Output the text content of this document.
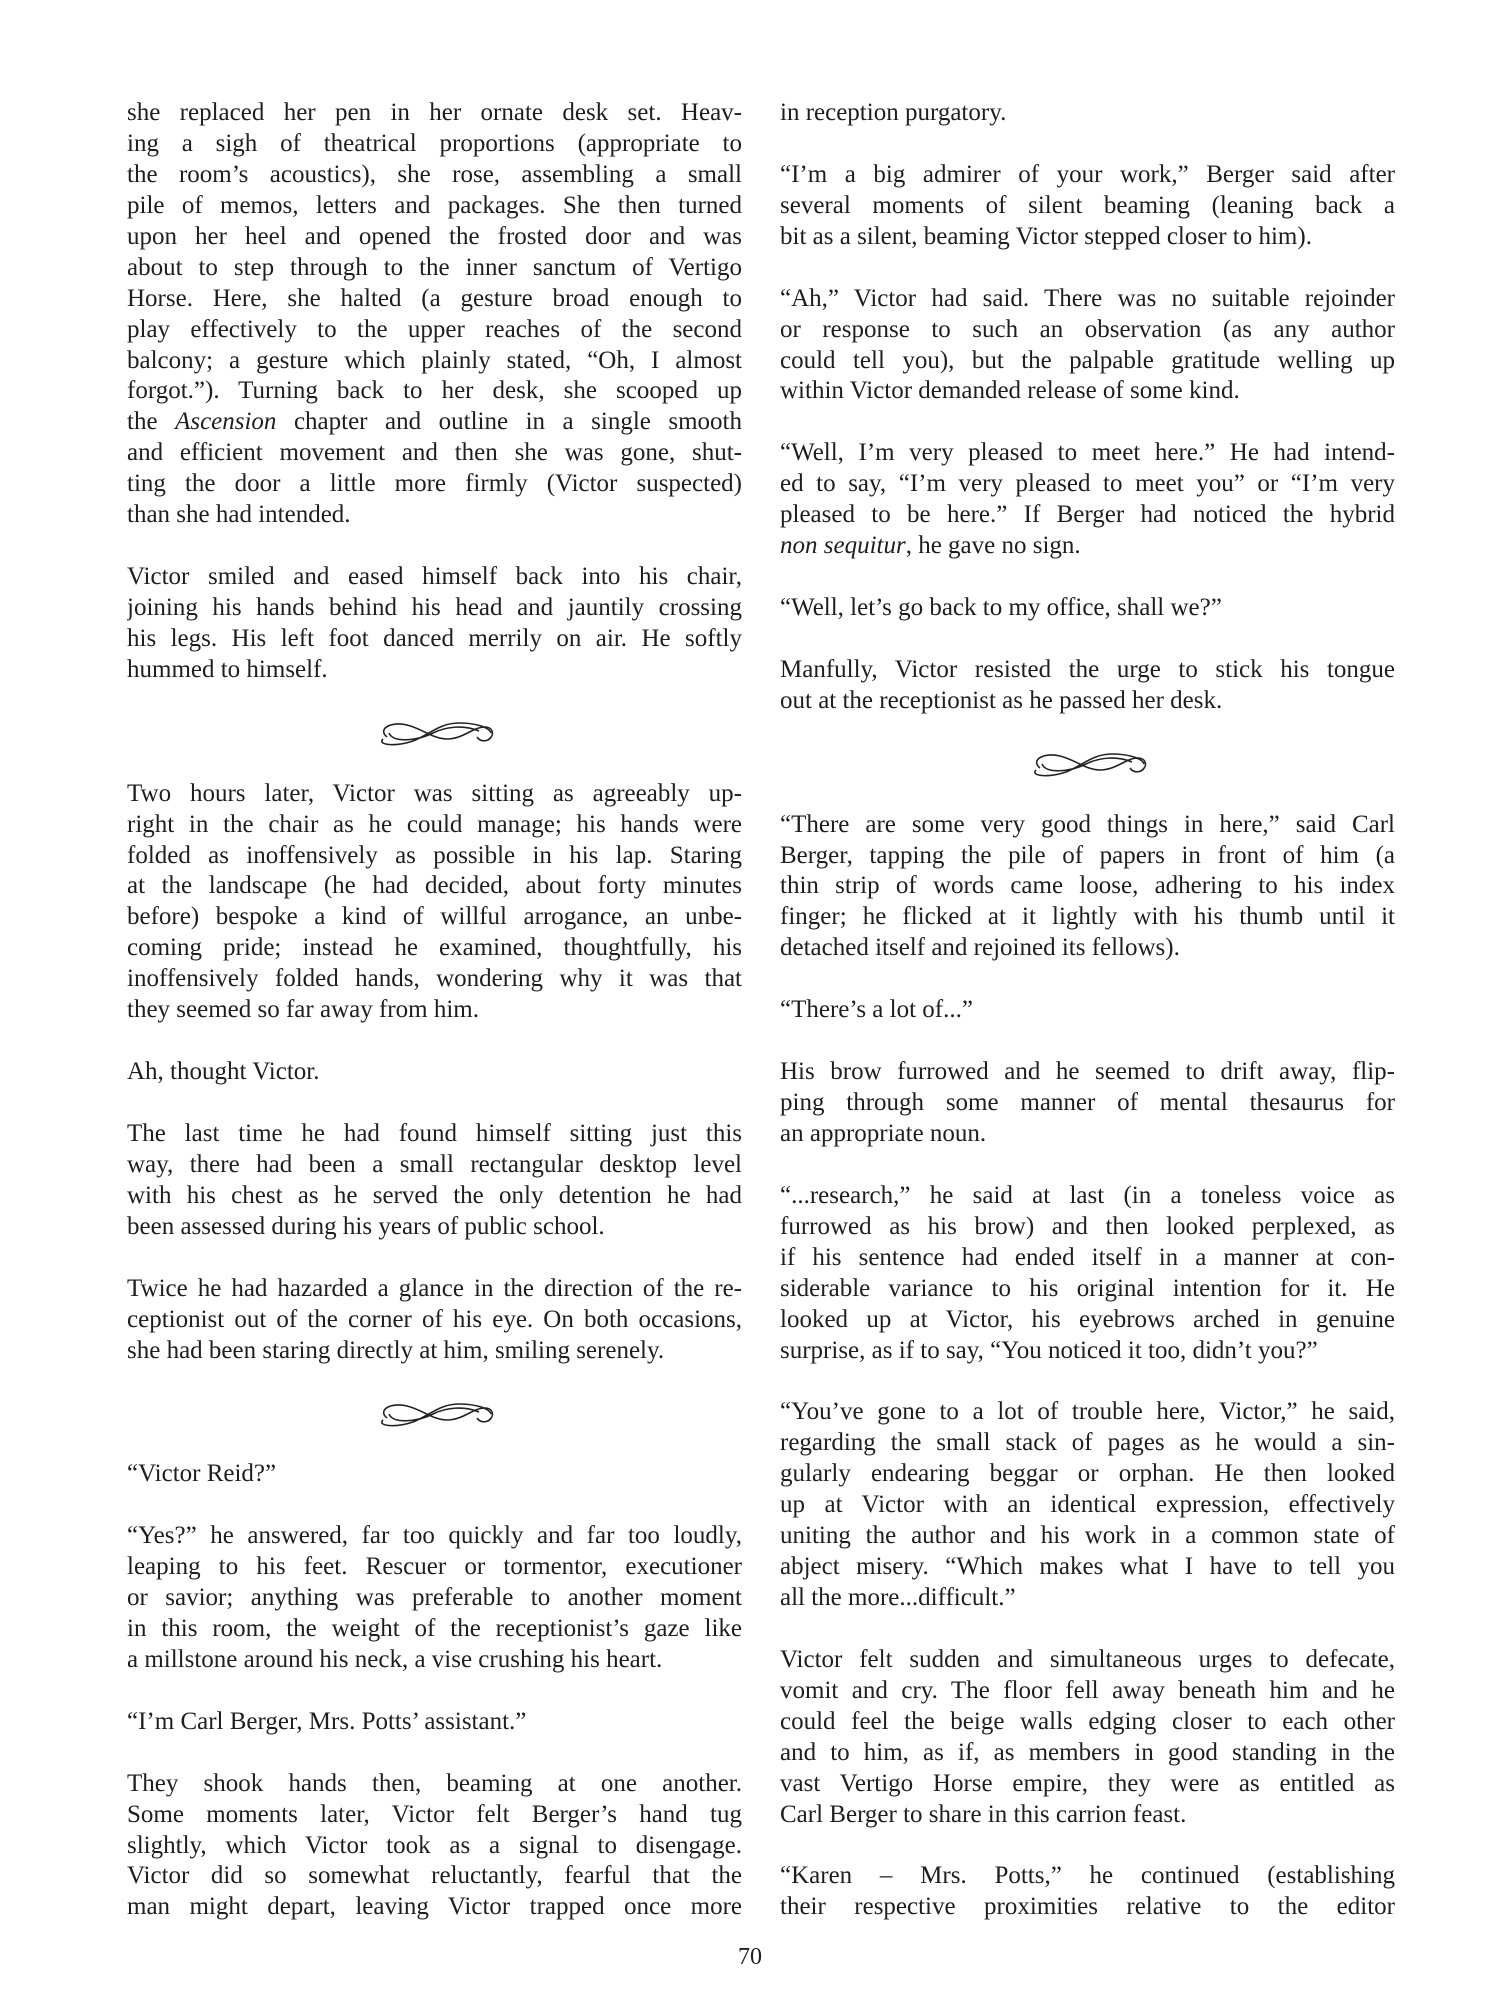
she replaced her pen in her ornate desk set. Heav-
ing a sigh of theatrical proportions (appropriate to
the room’s acoustics), she rose, assembling a small
pile of memos, letters and packages. She then turned
upon her heel and opened the frosted door and was
about to step through to the inner sanctum of Vertigo
Horse. Here, she halted (a gesture broad enough to
play effectively to the upper reaches of the second
balcony; a gesture which plainly stated, “Oh, I almost
forgot.”). Turning back to her desk, she scooped up
the Ascension chapter and outline in a single smooth
and efficient movement and then she was gone, shut-
ting the door a little more firmly (Victor suspected)
than she had intended.
Victor smiled and eased himself back into his chair,
joining his hands behind his head and jauntily crossing
his legs. His left foot danced merrily on air. He softly
hummed to himself.
Two hours later, Victor was sitting as agreeably up-
right in the chair as he could manage; his hands were
folded as inoffensively as possible in his lap. Staring
at the landscape (he had decided, about forty minutes
before) bespoke a kind of willful arrogance, an unbe-
coming pride; instead he examined, thoughtfully, his
inoffensively folded hands, wondering why it was that
they seemed so far away from him.
Ah, thought Victor.
The last time he had found himself sitting just this
way, there had been a small rectangular desktop level
with his chest as he served the only detention he had
been assessed during his years of public school.
Twice he had hazarded a glance in the direction of the re-
ceptionist out of the corner of his eye. On both occasions,
she had been staring directly at him, smiling serenely.
“Victor Reid?”
“Yes?” he answered, far too quickly and far too loudly,
leaping to his feet. Rescuer or tormentor, executioner
or savior; anything was preferable to another moment
in this room, the weight of the receptionist’s gaze like
a millstone around his neck, a vise crushing his heart.
“I’m Carl Berger, Mrs. Potts’ assistant.”
They shook hands then, beaming at one another.
Some moments later, Victor felt Berger’s hand tug
slightly, which Victor took as a signal to disengage.
Victor did so somewhat reluctantly, fearful that the
man might depart, leaving Victor trapped once more
in reception purgatory.
“I’m a big admirer of your work,” Berger said after
several moments of silent beaming (leaning back a
bit as a silent, beaming Victor stepped closer to him).
“Ah,” Victor had said. There was no suitable rejoinder
or response to such an observation (as any author
could tell you), but the palpable gratitude welling up
within Victor demanded release of some kind.
“Well, I’m very pleased to meet here.” He had intend-
ed to say, “I’m very pleased to meet you” or “I’m very
pleased to be here.” If Berger had noticed the hybrid
non sequitur, he gave no sign.
“Well, let’s go back to my office, shall we?”
Manfully, Victor resisted the urge to stick his tongue
out at the receptionist as he passed her desk.
“There are some very good things in here,” said Carl
Berger, tapping the pile of papers in front of him (a
thin strip of words came loose, adhering to his index
finger; he flicked at it lightly with his thumb until it
detached itself and rejoined its fellows).
“There’s a lot of...”
His brow furrowed and he seemed to drift away, flip-
ping through some manner of mental thesaurus for
an appropriate noun.
“...research,” he said at last (in a toneless voice as
furrowed as his brow) and then looked perplexed, as
if his sentence had ended itself in a manner at con-
siderable variance to his original intention for it. He
looked up at Victor, his eyebrows arched in genuine
surprise, as if to say, “You noticed it too, didn’t you?”
“You’ve gone to a lot of trouble here, Victor,” he said,
regarding the small stack of pages as he would a sin-
gularly endearing beggar or orphan. He then looked
up at Victor with an identical expression, effectively
uniting the author and his work in a common state of
abject misery. “Which makes what I have to tell you
all the more...difficult.”
Victor felt sudden and simultaneous urges to defecate,
vomit and cry. The floor fell away beneath him and he
could feel the beige walls edging closer to each other
and to him, as if, as members in good standing in the
vast Vertigo Horse empire, they were as entitled as
Carl Berger to share in this carrion feast.
“Karen – Mrs. Potts,” he continued (establishing
their respective proximities relative to the editor
70
